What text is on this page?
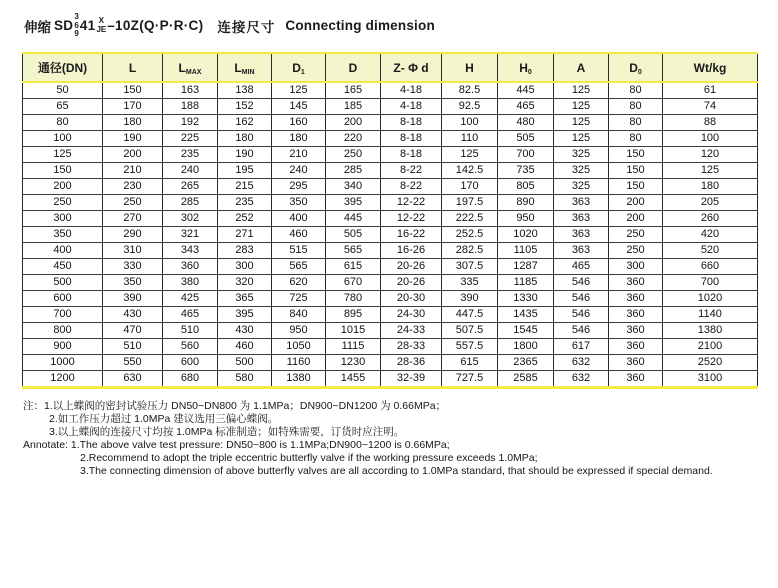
伸缩 SD
3
6
9
41 X
JE –10Z(Q·P·R·C) 连接尺寸 Connecting dimension
通径(DN)	L	$L_{MAX}$	$L_{MIN}$	$D_1$	D	Z- Φ d	H	$H_0$	A	$D_0$	Wt/kg
50	150	163	138	125	165	4-18	82.5	445	125	80	61
65	170	188	152	145	185	4-18	92.5	465	125	80	74
80	180	192	162	160	200	8-18	100	480	125	80	88
100	190	225	180	180	220	8-18	110	505	125	80	100
125	200	235	190	210	250	8-18	125	700	325	150	120
150	210	240	195	240	285	8-22	142.5	735	325	150	125
200	230	265	215	295	340	8-22	170	805	325	150	180
250	250	285	235	350	395	12-22	197.5	890	363	200	205
300	270	302	252	400	445	12-22	222.5	950	363	200	260
350	290	321	271	460	505	16-22	252.5	1020	363	250	420
400	310	343	283	515	565	16-26	282.5	1105	363	250	520
450	330	360	300	565	615	20-26	307.5	1287	465	300	660
500	350	380	320	620	670	20-26	335	1185	546	360	700
600	390	425	365	725	780	20-30	390	1330	546	360	1020
700	430	465	395	840	895	24-30	447.5	1435	546	360	1140
800	470	510	430	950	1015	24-33	507.5	1545	546	360	1380
900	510	560	460	1050	1115	28-33	557.5	1800	617	360	2100
1000	550	600	500	1160	1230	28-36	615	2365	632	360	2520
1200	630	680	580	1380	1455	32-39	727.5	2585	632	360	3100
注：1.以上蝶阀的密封试验压力 DN50~DN800 为 1.1MPa；DN900~DN1200 为 0.66MPa；
2.如工作压力超过 1.0MPa 建议选用三偏心蝶阀。
3.以上蝶阀的连接尺寸均按 1.0MPa 标准制造；如特殊需要，订货时应注明。
Annotate: 1.The above valve test pressure: DN50~800 is 1.1MPa;DN900~1200 is 0.66MPa;
2.Recommend to adopt the triple eccentric butterfly valve if the working pressure exceeds 1.0MPa;
3.The connecting dimension of above butterfly valves are all according to 1.0MPa standard, that should be expressed if special demand.
